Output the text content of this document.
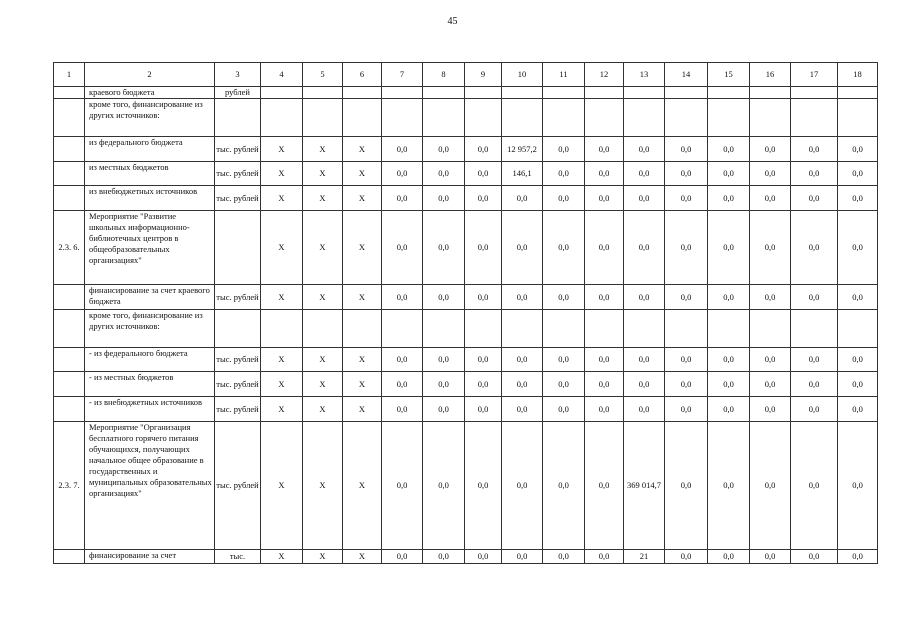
45
1	2	3	4	5	6	7	8	9	10	11	12	13	14	15	16	17	18
	краевого бюджета	рублей															
	кроме того, финансирование из других источников:																
	из федерального бюджета	тыс. рублей	X	X	X	0,0	0,0	0,0	12 957,2	0,0	0,0	0,0	0,0	0,0	0,0	0,0	0,0
	из местных бюджетов	тыс. рублей	X	X	X	0,0	0,0	0,0	146,1	0,0	0,0	0,0	0,0	0,0	0,0	0,0	0,0
	из внебюджетных источников	тыс. рублей	X	X	X	0,0	0,0	0,0	0,0	0,0	0,0	0,0	0,0	0,0	0,0	0,0	0,0
2.3. 6.	Мероприятие "Развитие школьных информационно-библиотечных центров в общеобразовательных организациях"		X	X	X	0,0	0,0	0,0	0,0	0,0	0,0	0,0	0,0	0,0	0,0	0,0	0,0
	финансирование за счет краевого бюджета	тыс. рублей	X	X	X	0,0	0,0	0,0	0,0	0,0	0,0	0,0	0,0	0,0	0,0	0,0	0,0
	кроме того, финансирование из других источников:																
	- из федерального бюджета	тыс. рублей	X	X	X	0,0	0,0	0,0	0,0	0,0	0,0	0,0	0,0	0,0	0,0	0,0	0,0
	- из местных бюджетов	тыс. рублей	X	X	X	0,0	0,0	0,0	0,0	0,0	0,0	0,0	0,0	0,0	0,0	0,0	0,0
	- из внебюджетных источников	тыс. рублей	X	X	X	0,0	0,0	0,0	0,0	0,0	0,0	0,0	0,0	0,0	0,0	0,0	0,0
2.3. 7.	Мероприятие "Организация бесплатного горячего питания обучающихся, получающих начальное общее образование в государственных и муниципальных образовательных организациях"	тыс. рублей	X	X	X	0,0	0,0	0,0	0,0	0,0	0,0	369 014,7	0,0	0,0	0,0	0,0	0,0
	финансирование за счет	тыс.	X	X	X	0,0	0,0	0,0	0,0	0,0	0,0	21	0,0	0,0	0,0	0,0	0,0
